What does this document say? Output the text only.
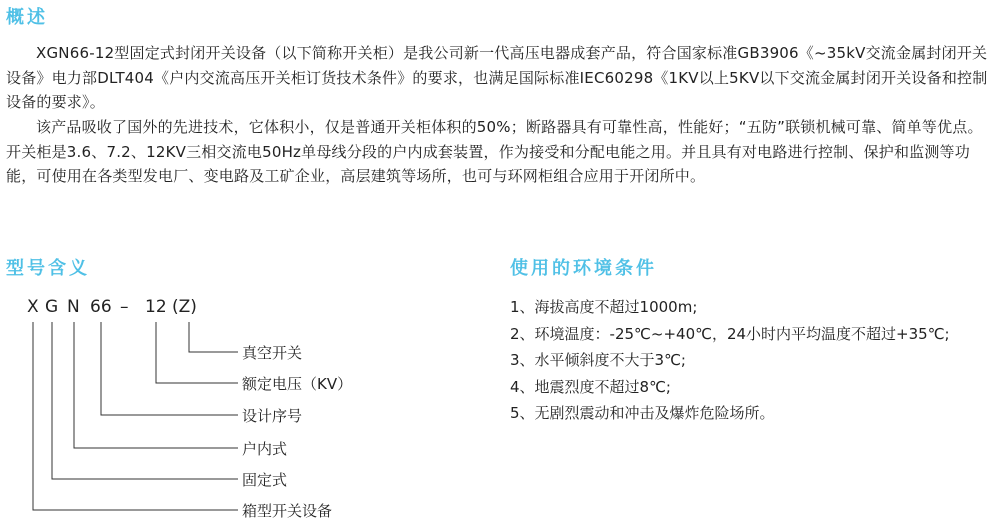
概述
XGN66-12型固定式封闭开关设备（以下简称开关柜）是我公司新一代高压电器成套产品，符合国家标准GB3906《~35kV交流金属封闭开关设备》电力部DLT404《户内交流高压开关柜订货技术条件》的要求，也满足国际标准IEC60298《1KV以上5KV以下交流金属封闭开关设备和控制设备的要求》。
该产品吸收了国外的先进技术，它体积小，仅是普通开关柜体积的50%；断路器具有可靠性高，性能好；“五防”联锁机械可靠、简单等优点。开关柜是3.6、7.2、12KV三相交流电50Hz单母线分段的户内成套装置，作为接受和分配电能之用。并且具有对电路进行控制、保护和监测等功能，可使用在各类型发电厂、变电路及工矿企业，高层建筑等场所，也可与环网柜组合应用于开闭所中。
型号含义
X G N 66 – 12 (Z)
真空开关
额定电压（KV）
设计序号
户内式
固定式
箱型开关设备
使用的环境条件
1、海拔高度不超过1000m;
2、环境温度：-25℃~+40℃，24小时内平均温度不超过+35℃;
3、水平倾斜度不大于3℃;
4、地震烈度不超过8℃;
5、无剧烈震动和冲击及爆炸危险场所。
